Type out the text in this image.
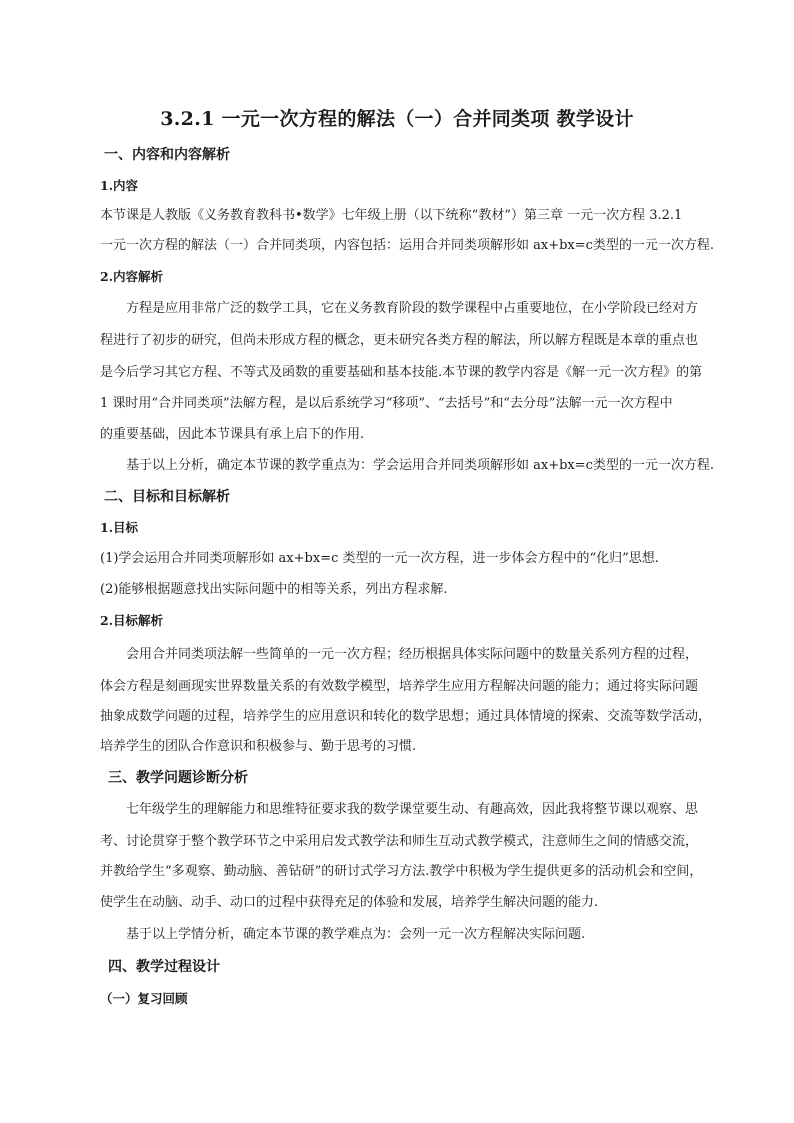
3.2.1 一元一次方程的解法（一）合并同类项 教学设计
一、内容和内容解析
1.内容
本节课是人教版《义务教育教科书•数学》七年级上册（以下统称“教材”）第三章 一元一次方程 3.2.1
一元一次方程的解法（一）合并同类项，内容包括：运用合并同类项解形如 ax+bx=c类型的一元一次方程.
2.内容解析
方程是应用非常广泛的数学工具，它在义务教育阶段的数学课程中占重要地位，在小学阶段已经对方
程进行了初步的研究，但尚未形成方程的概念，更未研究各类方程的解法，所以解方程既是本章的重点也
是今后学习其它方程、不等式及函数的重要基础和基本技能.本节课的教学内容是《解一元一次方程》的第
1 课时用“合并同类项”法解方程，是以后系统学习“移项”、“去括号”和“去分母”法解一元一次方程中
的重要基础，因此本节课具有承上启下的作用.
基于以上分析，确定本节课的教学重点为：学会运用合并同类项解形如 ax+bx=c类型的一元一次方程.
二、目标和目标解析
1.目标
(1)学会运用合并同类项解形如 ax+bx=c 类型的一元一次方程，进一步体会方程中的“化归”思想.
(2)能够根据题意找出实际问题中的相等关系，列出方程求解.
2.目标解析
会用合并同类项法解一些简单的一元一次方程；经历根据具体实际问题中的数量关系列方程的过程，
体会方程是刻画现实世界数量关系的有效数学模型，培养学生应用方程解决问题的能力；通过将实际问题
抽象成数学问题的过程，培养学生的应用意识和转化的数学思想；通过具体情境的探索、交流等数学活动，
培养学生的团队合作意识和积极参与、勤于思考的习惯.
三、教学问题诊断分析
七年级学生的理解能力和思维特征要求我的数学课堂要生动、有趣高效，因此我将整节课以观察、思
考、讨论贯穿于整个教学环节之中采用启发式教学法和师生互动式教学模式，注意师生之间的情感交流，
并教给学生“多观察、勤动脑、善钻研”的研讨式学习方法.教学中积极为学生提供更多的活动机会和空间，
使学生在动脑、动手、动口的过程中获得充足的体验和发展，培养学生解决问题的能力.
基于以上学情分析，确定本节课的教学难点为：会列一元一次方程解决实际问题.
四、教学过程设计
（一）复习回顾
